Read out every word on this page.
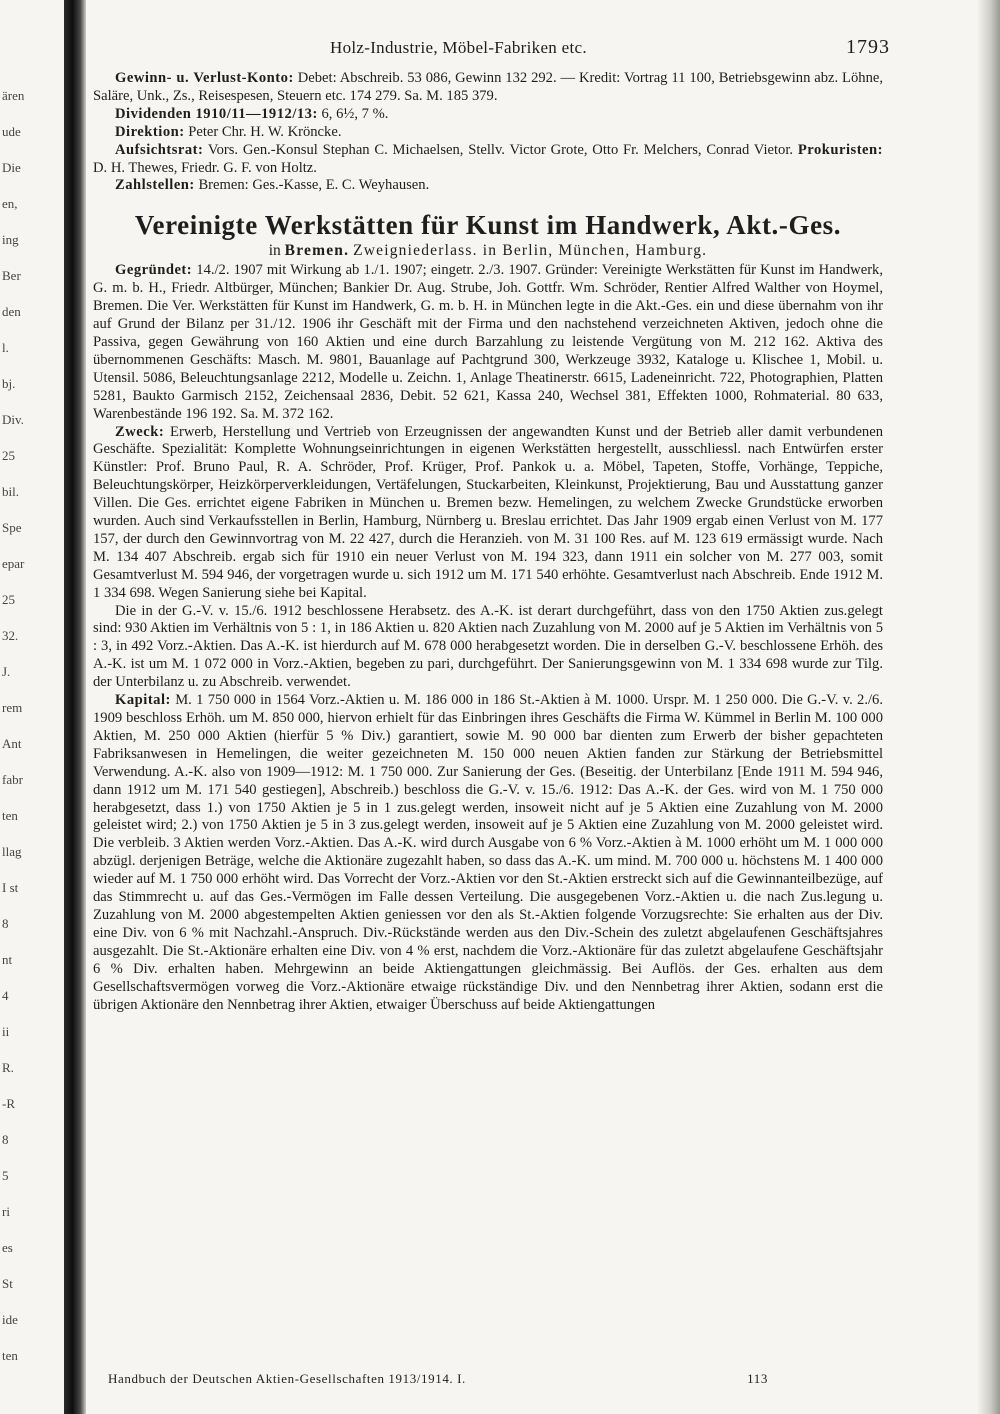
ären
ude
Die
en,
ing
Ber
den
l.
bj.
Div.
25
bil.
Spe
epar
25
32.
J.
rem
Ant
fabr
ten
llag
I st
8
nt
4
ii
R.
-R
8
5
ri
es
St
ide
ten
Holz-Industrie, Möbel-Fabriken etc.	1793

Gewinn- u. Verlust-Konto: Debet: Abschreib. 53 086, Gewinn 132 292. — Kredit: Vortrag 11 100, Betriebsgewinn abz. Löhne, Saläre, Unk., Zs., Reisespesen, Steuern etc. 174 279. Sa. M. 185 379.

Dividenden 1910/11—1912/13: 6, 6½, 7 %.

Direktion: Peter Chr. H. W. Kröncke.

Aufsichtsrat: Vors. Gen.-Konsul Stephan C. Michaelsen, Stellv. Victor Grote, Otto Fr. Melchers, Conrad Vietor. Prokuristen: D. H. Thewes, Friedr. G. F. von Holtz.

Zahlstellen: Bremen: Ges.-Kasse, E. C. Weyhausen.

Vereinigte Werkstätten für Kunst im Handwerk, Akt.-Ges.
in Bremen. Zweigniederlass. in Berlin, München, Hamburg.

Gegründet: 14./2. 1907 mit Wirkung ab 1./1. 1907; eingetr. 2./3. 1907. Gründer: Vereinigte Werkstätten für Kunst im Handwerk, G. m. b. H., Friedr. Altbürger, München; Bankier Dr. Aug. Strube, Joh. Gottfr. Wm. Schröder, Rentier Alfred Walther von Hoymel, Bremen. Die Ver. Werkstätten für Kunst im Handwerk, G. m. b. H. in München legte in die Akt.-Ges. ein und diese übernahm von ihr auf Grund der Bilanz per 31./12. 1906 ihr Geschäft mit der Firma und den nachstehend verzeichneten Aktiven, jedoch ohne die Passiva, gegen Gewährung von 160 Aktien und eine durch Barzahlung zu leistende Vergütung von M. 212 162. Aktiva des übernommenen Geschäfts: Masch. M. 9801, Bauanlage auf Pachtgrund 300, Werkzeuge 3932, Kataloge u. Klischee 1, Mobil. u. Utensil. 5086, Beleuchtungsanlage 2212, Modelle u. Zeichn. 1, Anlage Theatinerstr. 6615, Ladeneinricht. 722, Photographien, Platten 5281, Baukto Garmisch 2152, Zeichensaal 2836, Debit. 52 621, Kassa 240, Wechsel 381, Effekten 1000, Rohmaterial. 80 633, Warenbestände 196 192. Sa. M. 372 162.

Zweck: Erwerb, Herstellung und Vertrieb von Erzeugnissen der angewandten Kunst und der Betrieb aller damit verbundenen Geschäfte. Spezialität: Komplette Wohnungseinrichtungen in eigenen Werkstätten hergestellt, ausschliessl. nach Entwürfen erster Künstler: Prof. Bruno Paul, R. A. Schröder, Prof. Krüger, Prof. Pankok u. a. Möbel, Tapeten, Stoffe, Vorhänge, Teppiche, Beleuchtungskörper, Heizkörperverkleidungen, Vertäfelungen, Stuckarbeiten, Kleinkunst, Projektierung, Bau und Ausstattung ganzer Villen. Die Ges. errichtet eigene Fabriken in München u. Bremen bezw. Hemelingen, zu welchem Zwecke Grundstücke erworben wurden. Auch sind Verkaufsstellen in Berlin, Hamburg, Nürnberg u. Breslau errichtet. Das Jahr 1909 ergab einen Verlust von M. 177 157, der durch den Gewinnvortrag von M. 22 427, durch die Heranzieh. von M. 31 100 Res. auf M. 123 619 ermässigt wurde. Nach M. 134 407 Abschreib. ergab sich für 1910 ein neuer Verlust von M. 194 323, dann 1911 ein solcher von M. 277 003, somit Gesamtverlust M. 594 946, der vorgetragen wurde u. sich 1912 um M. 171 540 erhöhte. Gesamtverlust nach Abschreib. Ende 1912 M. 1 334 698. Wegen Sanierung siehe bei Kapital.

Die in der G.-V. v. 15./6. 1912 beschlossene Herabsetz. des A.-K. ist derart durchgeführt, dass von den 1750 Aktien zus.gelegt sind: 930 Aktien im Verhältnis von 5 : 1, in 186 Aktien u. 820 Aktien nach Zuzahlung von M. 2000 auf je 5 Aktien im Verhältnis von 5 : 3, in 492 Vorz.-Aktien. Das A.-K. ist hierdurch auf M. 678 000 herabgesetzt worden. Die in derselben G.-V. beschlossene Erhöh. des A.-K. ist um M. 1 072 000 in Vorz.-Aktien, begeben zu pari, durchgeführt. Der Sanierungsgewinn von M. 1 334 698 wurde zur Tilg. der Unterbilanz u. zu Abschreib. verwendet.

Kapital: M. 1 750 000 in 1564 Vorz.-Aktien u. M. 186 000 in 186 St.-Aktien à M. 1000. Urspr. M. 1 250 000. Die G.-V. v. 2./6. 1909 beschloss Erhöh. um M. 850 000, hiervon erhielt für das Einbringen ihres Geschäfts die Firma W. Kümmel in Berlin M. 100 000 Aktien, M. 250 000 Aktien (hierfür 5 % Div.) garantiert, sowie M. 90 000 bar dienten zum Erwerb der bisher gepachteten Fabriksanwesen in Hemelingen, die weiter gezeichneten M. 150 000 neuen Aktien fanden zur Stärkung der Betriebsmittel Verwendung. A.-K. also von 1909—1912: M. 1 750 000. Zur Sanierung der Ges. (Beseitig. der Unterbilanz [Ende 1911 M. 594 946, dann 1912 um M. 171 540 gestiegen], Abschreib.) beschloss die G.-V. v. 15./6. 1912: Das A.-K. der Ges. wird von M. 1 750 000 herabgesetzt, dass 1.) von 1750 Aktien je 5 in 1 zus.gelegt werden, insoweit nicht auf je 5 Aktien eine Zuzahlung von M. 2000 geleistet wird; 2.) von 1750 Aktien je 5 in 3 zus.gelegt werden, insoweit auf je 5 Aktien eine Zuzahlung von M. 2000 geleistet wird. Die verbleib. 3 Aktien werden Vorz.-Aktien. Das A.-K. wird durch Ausgabe von 6 % Vorz.-Aktien à M. 1000 erhöht um M. 1 000 000 abzügl. derjenigen Beträge, welche die Aktionäre zugezahlt haben, so dass das A.-K. um mind. M. 700 000 u. höchstens M. 1 400 000 wieder auf M. 1 750 000 erhöht wird. Das Vorrecht der Vorz.-Aktien vor den St.-Aktien erstreckt sich auf die Gewinnanteilbezüge, auf das Stimmrecht u. auf das Ges.-Vermögen im Falle dessen Verteilung. Die ausgegebenen Vorz.-Aktien u. die nach Zus.legung u. Zuzahlung von M. 2000 abgestempelten Aktien geniessen vor den als St.-Aktien folgende Vorzugsrechte: Sie erhalten aus der Div. eine Div. von 6 % mit Nachzahl.-Anspruch. Div.-Rückstände werden aus den Div.-Schein des zuletzt abgelaufenen Geschäftsjahres ausgezahlt. Die St.-Aktionäre erhalten eine Div. von 4 % erst, nachdem die Vorz.-Aktionäre für das zuletzt abgelaufene Geschäftsjahr 6 % Div. erhalten haben. Mehrgewinn an beide Aktiengattungen gleichmässig. Bei Auflös. der Ges. erhalten aus dem Gesellschaftsvermögen vorweg die Vorz.-Aktionäre etwaige rückständige Div. und den Nennbetrag ihrer Aktien, sodann erst die übrigen Aktionäre den Nennbetrag ihrer Aktien, etwaiger Überschuss auf beide Aktiengattungen

Handbuch der Deutschen Aktien-Gesellschaften 1913/1914. I.	113
